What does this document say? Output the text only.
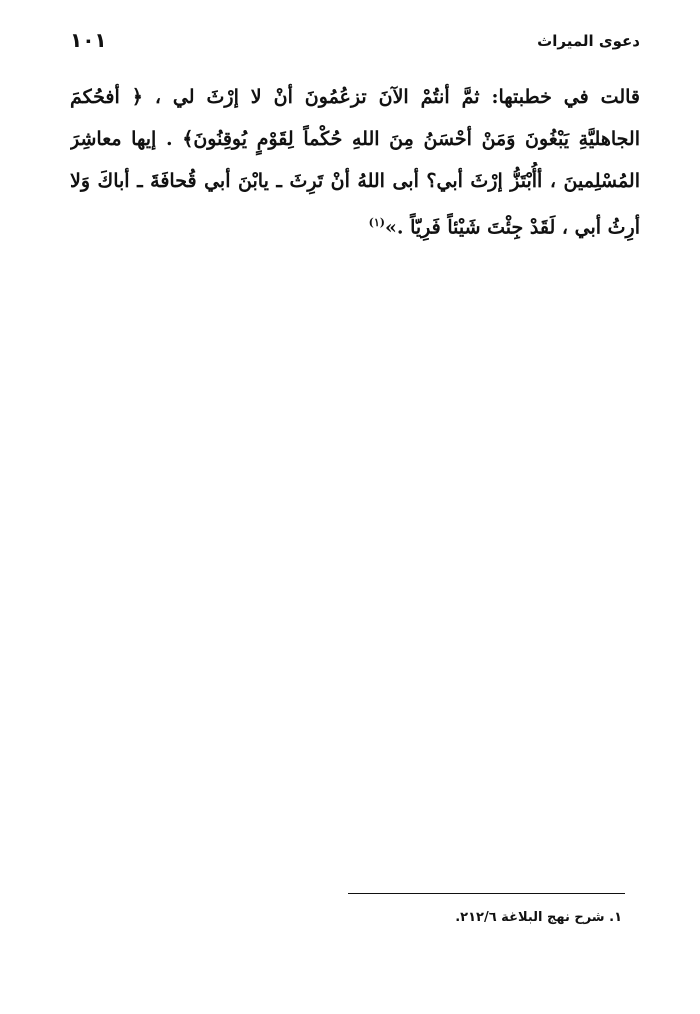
دعوى الميراث
١٠١
قالت في خطبتها: ثمَّ أنتُمْ الآنَ تزعُمُونَ أنْ لا إرْثَ لي ، ﴿ أفحُكمَ
الجاهليَّةِ يَبْغُونَ وَمَنْ أحْسَنُ مِنَ اللهِ حُكْماً لِقَوْمٍ يُوقِنُونَ﴾ . إيها معاشِرَ
المُسْلِمينَ ، أأُبْتَزُّ إرْثَ أبي؟ أبى اللهُ أنْ تَرِثَ ـ يابْنَ أبي قُحافَةَ ـ أباكَ وَلا
أرِثُ أبي ، لَقَدْ جِئْتَ شَيْئاً فَرِيّاً .»$^{(١)}$
١. شرح نهج البلاغة ٢١٢/٦.
